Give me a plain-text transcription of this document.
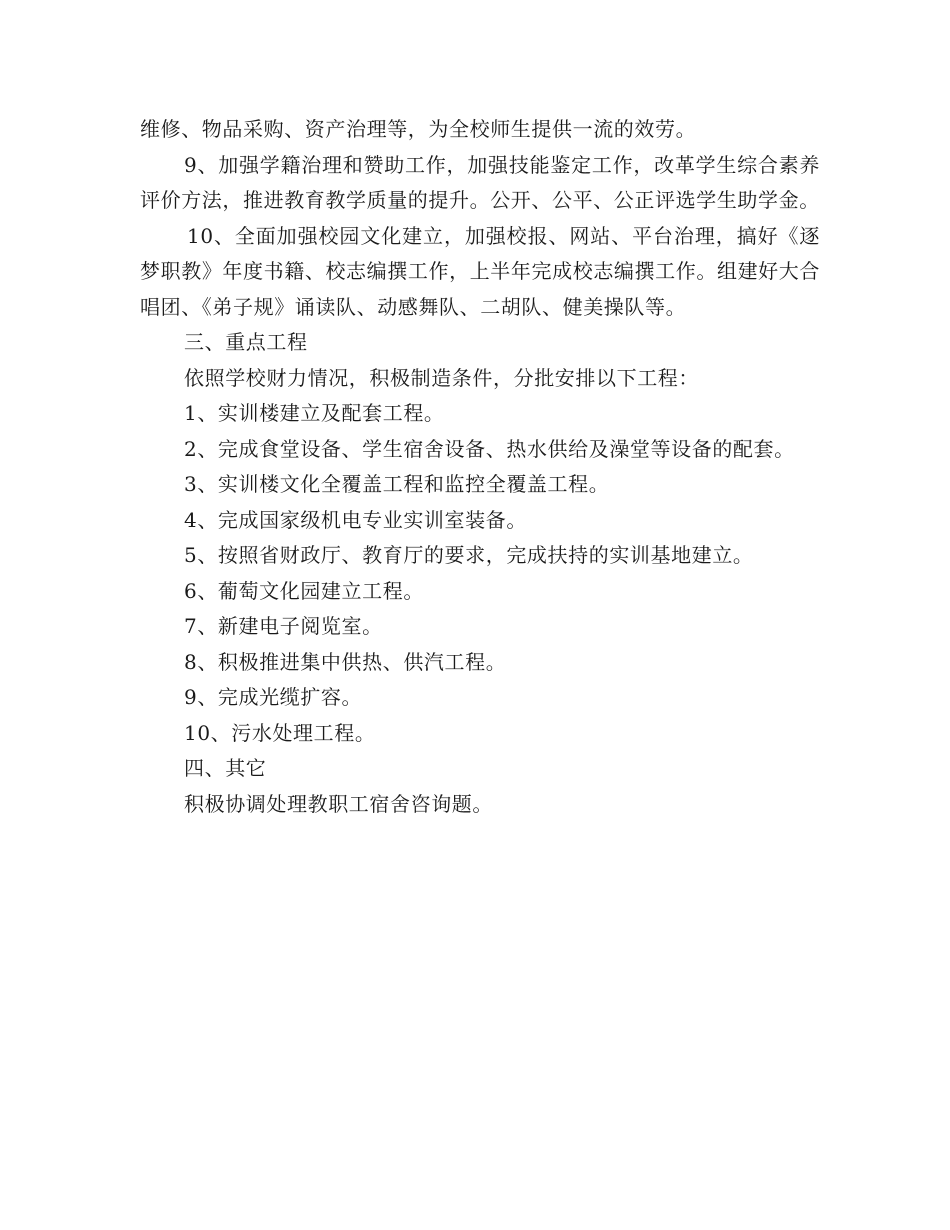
维修、物品采购、资产治理等，为全校师生提供一流的效劳。

9、加强学籍治理和赞助工作，加强技能鉴定工作，改革学生综合素养评价方法，推进教育教学质量的提升。公开、公平、公正评选学生助学金。

10、全面加强校园文化建立，加强校报、网站、平台治理，搞好《逐梦职教》年度书籍、校志编撰工作，上半年完成校志编撰工作。组建好大合唱团、《弟子规》诵读队、动感舞队、二胡队、健美操队等。

三、重点工程

依照学校财力情况，积极制造条件，分批安排以下工程：

1、实训楼建立及配套工程。

2、完成食堂设备、学生宿舍设备、热水供给及澡堂等设备的配套。

3、实训楼文化全覆盖工程和监控全覆盖工程。

4、完成国家级机电专业实训室装备。

5、按照省财政厅、教育厅的要求，完成扶持的实训基地建立。

6、葡萄文化园建立工程。

7、新建电子阅览室。

8、积极推进集中供热、供汽工程。

9、完成光缆扩容。

10、污水处理工程。

四、其它

积极协调处理教职工宿舍咨询题。
